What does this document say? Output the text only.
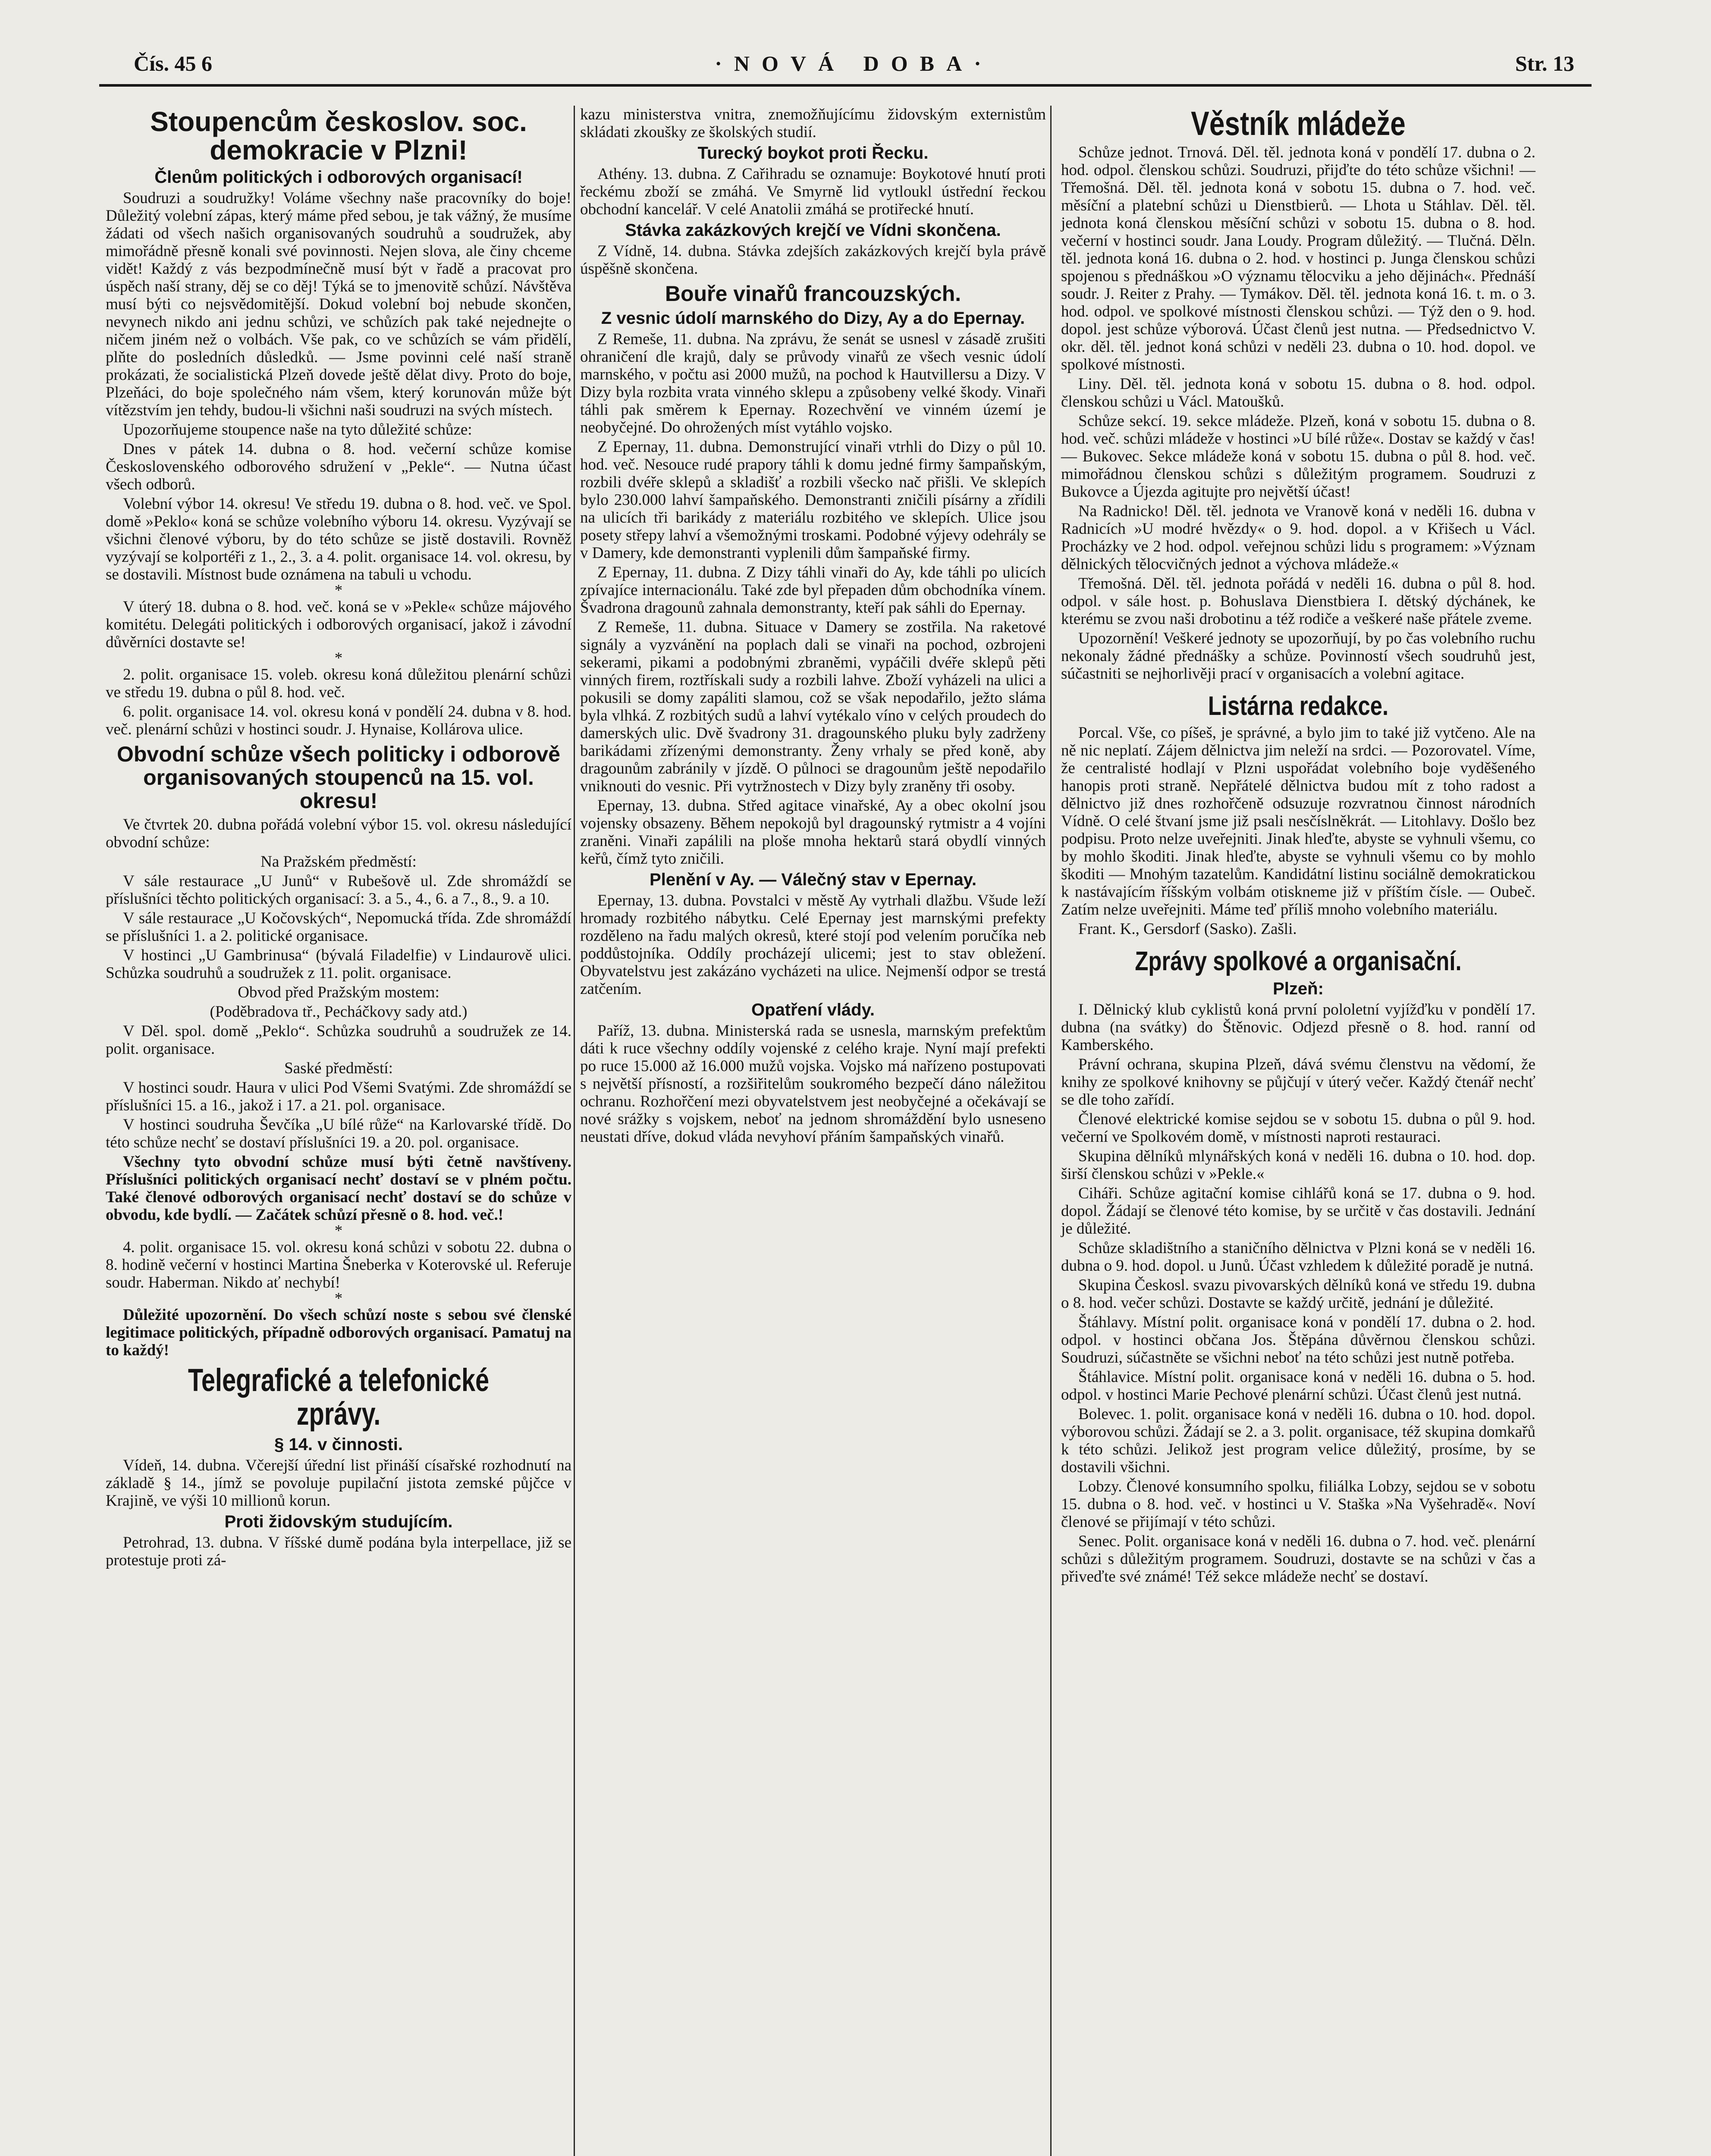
Čís. 45 6	·NOVÁ DOBA·	Str. 13
Stoupencům českoslov. soc. demokracie v Plzni!
Členům politických i odborových organisací!

Soudruzi a soudružky! Voláme všechny naše pracovníky do boje! Důležitý volební zápas, který máme před sebou, je tak vážný, že musíme žádati od všech našich organisovaných soudruhů a soudružek, aby mimořádně přesně konali své povinnosti. Nejen slova, ale činy chceme vidět! Každý z vás bezpodmínečně musí být v řadě a pracovat pro úspěch naší strany, děj se co děj! Týká se to jmenovitě schůzí. Návštěva musí býti co nejsvědomitější. Dokud volební boj nebude skončen, nevynech nikdo ani jednu schůzi, ve schůzích pak také nejednejte o ničem jiném než o volbách. Vše pak, co ve schůzích se vám přidělí, plňte do posledních důsledků. — Jsme povinni celé naší straně prokázati, že socialistická Plzeň dovede ještě dělat divy. Proto do boje, Plzeňáci, do boje společného nám všem, který korunován může být vítězstvím jen tehdy, budou-li všichni naši soudruzi na svých místech.

Upozorňujeme stoupence naše na tyto důležité schůze:

Dnes v pátek 14. dubna o 8. hod. večerní schůze komise Československého odborového sdružení v „Pekle“. — Nutna účast všech odborů.

Volební výbor 14. okresu! Ve středu 19. dubna o 8. hod. več. ve Spol. domě »Peklo« koná se schůze volebního výboru 14. okresu. Vyzývají se všichni členové výboru, by do této schůze se jistě dostavili. Rovněž vyzývají se kolportéři z 1., 2., 3. a 4. polit. organisace 14. vol. okresu, by se dostavili. Místnost bude oznámena na tabuli u vchodu.

*

V úterý 18. dubna o 8. hod. več. koná se v »Pekle« schůze májového komitétu. Delegáti politických i odborových organisací, jakož i závodní důvěrníci dostavte se!

*

2. polit. organisace 15. voleb. okresu koná důležitou plenární schůzi ve středu 19. dubna o půl 8. hod. več.

6. polit. organisace 14. vol. okresu koná v pondělí 24. dubna v 8. hod. več. plenární schůzi v hostinci soudr. J. Hynaise, Kollárova ulice.

Obvodní schůze všech politicky i odborově organisovaných stoupenců na 15. vol. okresu!

Ve čtvrtek 20. dubna pořádá volební výbor 15. vol. okresu následující obvodní schůze:

Na Pražském předměstí:

V sále restaurace „U Junů“ v Rubešově ul. Zde shromáždí se příslušníci těchto politických organisací: 3. a 5., 4., 6. a 7., 8., 9. a 10.

V sále restaurace „U Kočovských“, Nepomucká třída. Zde shromáždí se příslušníci 1. a 2. politické organisace.

V hostinci „U Gambrinusa“ (bývalá Filadelfie) v Lindaurově ulici. Schůzka soudruhů a soudružek z 11. polit. organisace.

Obvod před Pražským mostem:

(Poděbradova tř., Pecháčkovy sady atd.)

V Děl. spol. domě „Peklo“. Schůzka soudruhů a soudružek ze 14. polit. organisace.

Saské předměstí:

V hostinci soudr. Haura v ulici Pod Všemi Svatými. Zde shromáždí se příslušníci 15. a 16., jakož i 17. a 21. pol. organisace.

V hostinci soudruha Ševčíka „U bílé růže“ na Karlovarské třídě. Do této schůze nechť se dostaví příslušníci 19. a 20. pol. organisace.

Všechny tyto obvodní schůze musí býti četně navštíveny. Příslušníci politických organisací nechť dostaví se v plném počtu. Také členové odborových organisací nechť dostaví se do schůze v obvodu, kde bydlí. — Začátek schůzí přesně o 8. hod. več.!

*

4. polit. organisace 15. vol. okresu koná schůzi v sobotu 22. dubna o 8. hodině večerní v hostinci Martina Šneberka v Koterovské ul. Referuje soudr. Haberman. Nikdo ať nechybí!

*

Důležité upozornění. Do všech schůzí noste s sebou své členské legitimace politických, případně odborových organisací. Pamatuj na to každý!

Telegrafické a telefonické zprávy.
§ 14. v činnosti.

Vídeň, 14. dubna. Včerejší úřední list přináší císařské rozhodnutí na základě § 14., jímž se povoluje pupilační jistota zemské půjčce v Krajině, ve výši 10 millionů korun.

Proti židovským studujícím.

Petrohrad, 13. dubna. V říšské dumě podána byla interpellace, již se protestuje proti zá-

kazu ministerstva vnitra, znemožňujícímu židovským externistům skládati zkoušky ze školských studií.

Turecký boykot proti Řecku.

Athény. 13. dubna. Z Cařihradu se oznamuje: Boykotové hnutí proti řeckému zboží se zmáhá. Ve Smyrně lid vytloukl ústřední řeckou obchodní kancelář. V celé Anatolii zmáhá se protiřecké hnutí.

Stávka zakázkových krejčí ve Vídni skončena.

Z Vídně, 14. dubna. Stávka zdejších zakázkových krejčí byla právě úspěšně skončena.

Bouře vinařů francouzských.
Z vesnic údolí marnského do Dizy, Ay a do Epernay.

Z Remeše, 11. dubna. Na zprávu, že senát se usnesl v zásadě zrušiti ohraničení dle krajů, daly se průvody vinařů ze všech vesnic údolí marnského, v počtu asi 2000 mužů, na pochod k Hautvillersu a Dizy. V Dizy byla rozbita vrata vinného sklepu a způsobeny velké škody. Vinaři táhli pak směrem k Epernay. Rozechvění ve vinném území je neobyčejné. Do ohrožených míst vytáhlo vojsko.

Z Epernay, 11. dubna. Demonstrující vinaři vtrhli do Dizy o půl 10. hod. več. Nesouce rudé prapory táhli k domu jedné firmy šampaňským, rozbili dvéře sklepů a skladišť a rozbili všecko nač přišli. Ve sklepích bylo 230.000 lahví šampaňského. Demonstranti zničili písárny a zřídili na ulicích tři barikády z materiálu rozbitého ve sklepích. Ulice jsou posety střepy lahví a všemožnými troskami. Podobné výjevy odehrály se v Damery, kde demonstranti vyplenili dům šampaňské firmy.

Z Epernay, 11. dubna. Z Dizy táhli vinaři do Ay, kde táhli po ulicích zpívajíce internacionálu. Také zde byl přepaden dům obchodníka vínem. Švadrona dragounů zahnala demonstranty, kteří pak sáhli do Epernay.

Z Remeše, 11. dubna. Situace v Damery se zostřila. Na raketové signály a vyzvánění na poplach dali se vinaři na pochod, ozbrojeni sekerami, pikami a podobnými zbraněmi, vypáčili dvéře sklepů pěti vinných firem, roztřískali sudy a rozbili lahve. Zboží vyházeli na ulici a pokusili se domy zapáliti slamou, což se však nepodařilo, ježto sláma byla vlhká. Z rozbitých sudů a lahví vytékalo víno v celých proudech do damerských ulic. Dvě švadrony 31. dragounského pluku byly zadrženy barikádami zřízenými demonstranty. Ženy vrhaly se před koně, aby dragounům zabránily v jízdě. O půlnoci se dragounům ještě nepodařilo vniknouti do vesnic. Při vytržnostech v Dizy byly zraněny tři osoby.

Epernay, 13. dubna. Střed agitace vinařské, Ay a obec okolní jsou vojensky obsazeny. Během nepokojů byl dragounský rytmistr a 4 vojíni zraněni. Vinaři zapálili na ploše mnoha hektarů stará obydlí vinných keřů, čímž tyto zničili.

Plenění v Ay. — Válečný stav v Epernay.

Epernay, 13. dubna. Povstalci v městě Ay vytrhali dlažbu. Všude leží hromady rozbitého nábytku. Celé Epernay jest marnskými prefekty rozděleno na řadu malých okresů, které stojí pod velením poručíka neb poddůstojníka. Oddíly procházejí ulicemi; jest to stav obležení. Obyvatelstvu jest zakázáno vycházeti na ulice. Nejmenší odpor se trestá zatčením.

Opatření vlády.

Paříž, 13. dubna. Ministerská rada se usnesla, marnským prefektům dáti k ruce všechny oddíly vojenské z celého kraje. Nyní mají prefekti po ruce 15.000 až 16.000 mužů vojska. Vojsko má nařízeno postupovati s největší přísností, a rozšiřitelům soukromého bezpečí dáno náležitou ochranu. Rozhořčení mezi obyvatelstvem jest neobyčejné a očekávají se nové srážky s vojskem, neboť na jednom shromáždění bylo usneseno neustati dříve, dokud vláda nevyhoví přáním šampaňských vinařů.

Věstník mládeže

Schůze jednot. Trnová. Děl. těl. jednota koná v pondělí 17. dubna o 2. hod. odpol. členskou schůzi. Soudruzi, přijďte do této schůze všichni! — Třemošná. Děl. těl. jednota koná v sobotu 15. dubna o 7. hod. več. měsíční a platební schůzi u Dienstbierů. — Lhota u Stáhlav. Děl. těl. jednota koná členskou měsíční schůzi v sobotu 15. dubna o 8. hod. večerní v hostinci soudr. Jana Loudy. Program důležitý. — Tlučná. Děln. těl. jednota koná 16. dubna o 2. hod. v hostinci p. Junga členskou schůzi spojenou s přednáškou »O významu tělocviku a jeho dějinách«. Přednáší soudr. J. Reiter z Prahy. — Tymákov. Děl. těl. jednota koná 16. t. m. o 3. hod. odpol. ve spolkové místnosti členskou schůzi. — Týž den o 9. hod. dopol. jest schůze výborová. Účast členů jest nutna. — Předsednictvo V. okr. děl. těl. jednot koná schůzi v neděli 23. dubna o 10. hod. dopol. ve spolkové místnosti.

Liny. Děl. těl. jednota koná v sobotu 15. dubna o 8. hod. odpol. členskou schůzi u Václ. Matoušků.

Schůze sekcí. 19. sekce mládeže. Plzeň, koná v sobotu 15. dubna o 8. hod. več. schůzi mládeže v hostinci »U bílé růže«. Dostav se každý v čas! — Bukovec. Sekce mládeže koná v sobotu 15. dubna o půl 8. hod. več. mimořádnou členskou schůzi s důležitým programem. Soudruzi z Bukovce a Újezda agitujte pro největší účast!

Na Radnicko! Děl. těl. jednota ve Vranově koná v neděli 16. dubna v Radnicích »U modré hvězdy« o 9. hod. dopol. a v Křišech u Václ. Procházky ve 2 hod. odpol. veřejnou schůzi lidu s programem: »Význam dělnických tělocvičných jednot a výchova mládeže.«

Třemošná. Děl. těl. jednota pořádá v neděli 16. dubna o půl 8. hod. odpol. v sále host. p. Bohuslava Dienstbiera I. dětský dýchánek, ke kterému se zvou naši drobotinu a též rodiče a veškeré naše přátele zveme.

Upozornění! Veškeré jednoty se upozorňují, by po čas volebního ruchu nekonaly žádné přednášky a schůze. Povinností všech soudruhů jest, súčastniti se nejhorlivěji prací v organisacích a volební agitace.

Listárna redakce.

Porcal. Vše, co píšeš, je správné, a bylo jim to také již vytčeno. Ale na ně nic neplatí. Zájem dělnictva jim neleží na srdci. — Pozorovatel. Víme, že centralisté hodlají v Plzni uspořádat volebního boje vyděšeného hanopis proti straně. Nepřátelé dělnictva budou mít z toho radost a dělnictvo již dnes rozhořčeně odsuzuje rozvratnou činnost národních Vídně. O celé štvaní jsme již psali nesčíslněkrát. — Litohlavy. Došlo bez podpisu. Proto nelze uveřejniti. Jinak hleďte, abyste se vyhnuli všemu, co by mohlo škoditi. Jinak hleďte, abyste se vyhnuli všemu co by mohlo škoditi — Mnohým tazatelům. Kandidátní listinu sociálně demokratickou k nastávajícím říšským volbám otiskneme již v příštím čísle. — Oubeč. Zatím nelze uveřejniti. Máme teď příliš mnoho volebního materiálu.

Frant. K., Gersdorf (Sasko). Zašli.

Zprávy spolkové a organisační.
Plzeň:

I. Dělnický klub cyklistů koná první pololetní vyjížďku v pondělí 17. dubna (na svátky) do Štěnovic. Odjezd přesně o 8. hod. ranní od Kamberského.

Právní ochrana, skupina Plzeň, dává svému členstvu na vědomí, že knihy ze spolkové knihovny se půjčují v úterý večer. Každý čtenář nechť se dle toho zařídí.

Členové elektrické komise sejdou se v sobotu 15. dubna o půl 9. hod. večerní ve Spolkovém domě, v místnosti naproti restauraci.

Skupina dělníků mlynářských koná v neděli 16. dubna o 10. hod. dop. širší členskou schůzi v »Pekle.«

Ciháři. Schůze agitační komise cihlářů koná se 17. dubna o 9. hod. dopol. Žádají se členové této komise, by se určitě v čas dostavili. Jednání je důležité.

Schůze skladištního a staničního dělnictva v Plzni koná se v neděli 16. dubna o 9. hod. dopol. u Junů. Účast vzhledem k důležité poradě je nutná.

Skupina Českosl. svazu pivovarských dělníků koná ve středu 19. dubna o 8. hod. večer schůzi. Dostavte se každý určitě, jednání je důležité.

Štáhlavy. Místní polit. organisace koná v pondělí 17. dubna o 2. hod. odpol. v hostinci občana Jos. Štěpána důvěrnou členskou schůzi. Soudruzi, súčastněte se všichni neboť na této schůzi jest nutně potřeba.

Štáhlavice. Místní polit. organisace koná v neděli 16. dubna o 5. hod. odpol. v hostinci Marie Pechové plenární schůzi. Účast členů jest nutná.

Bolevec. 1. polit. organisace koná v neděli 16. dubna o 10. hod. dopol. výborovou schůzi. Žádají se 2. a 3. polit. organisace, též skupina domkařů k této schůzi. Jelikož jest program velice důležitý, prosíme, by se dostavili všichni.

Lobzy. Členové konsumního spolku, filiálka Lobzy, sejdou se v sobotu 15. dubna o 8. hod. več. v hostinci u V. Staška »Na Vyšehradě«. Noví členové se přijímají v této schůzi.

Senec. Polit. organisace koná v neděli 16. dubna o 7. hod. več. plenární schůzi s důležitým programem. Soudruzi, dostavte se na schůzi v čas a přiveďte své známé! Též sekce mládeže nechť se dostaví.
